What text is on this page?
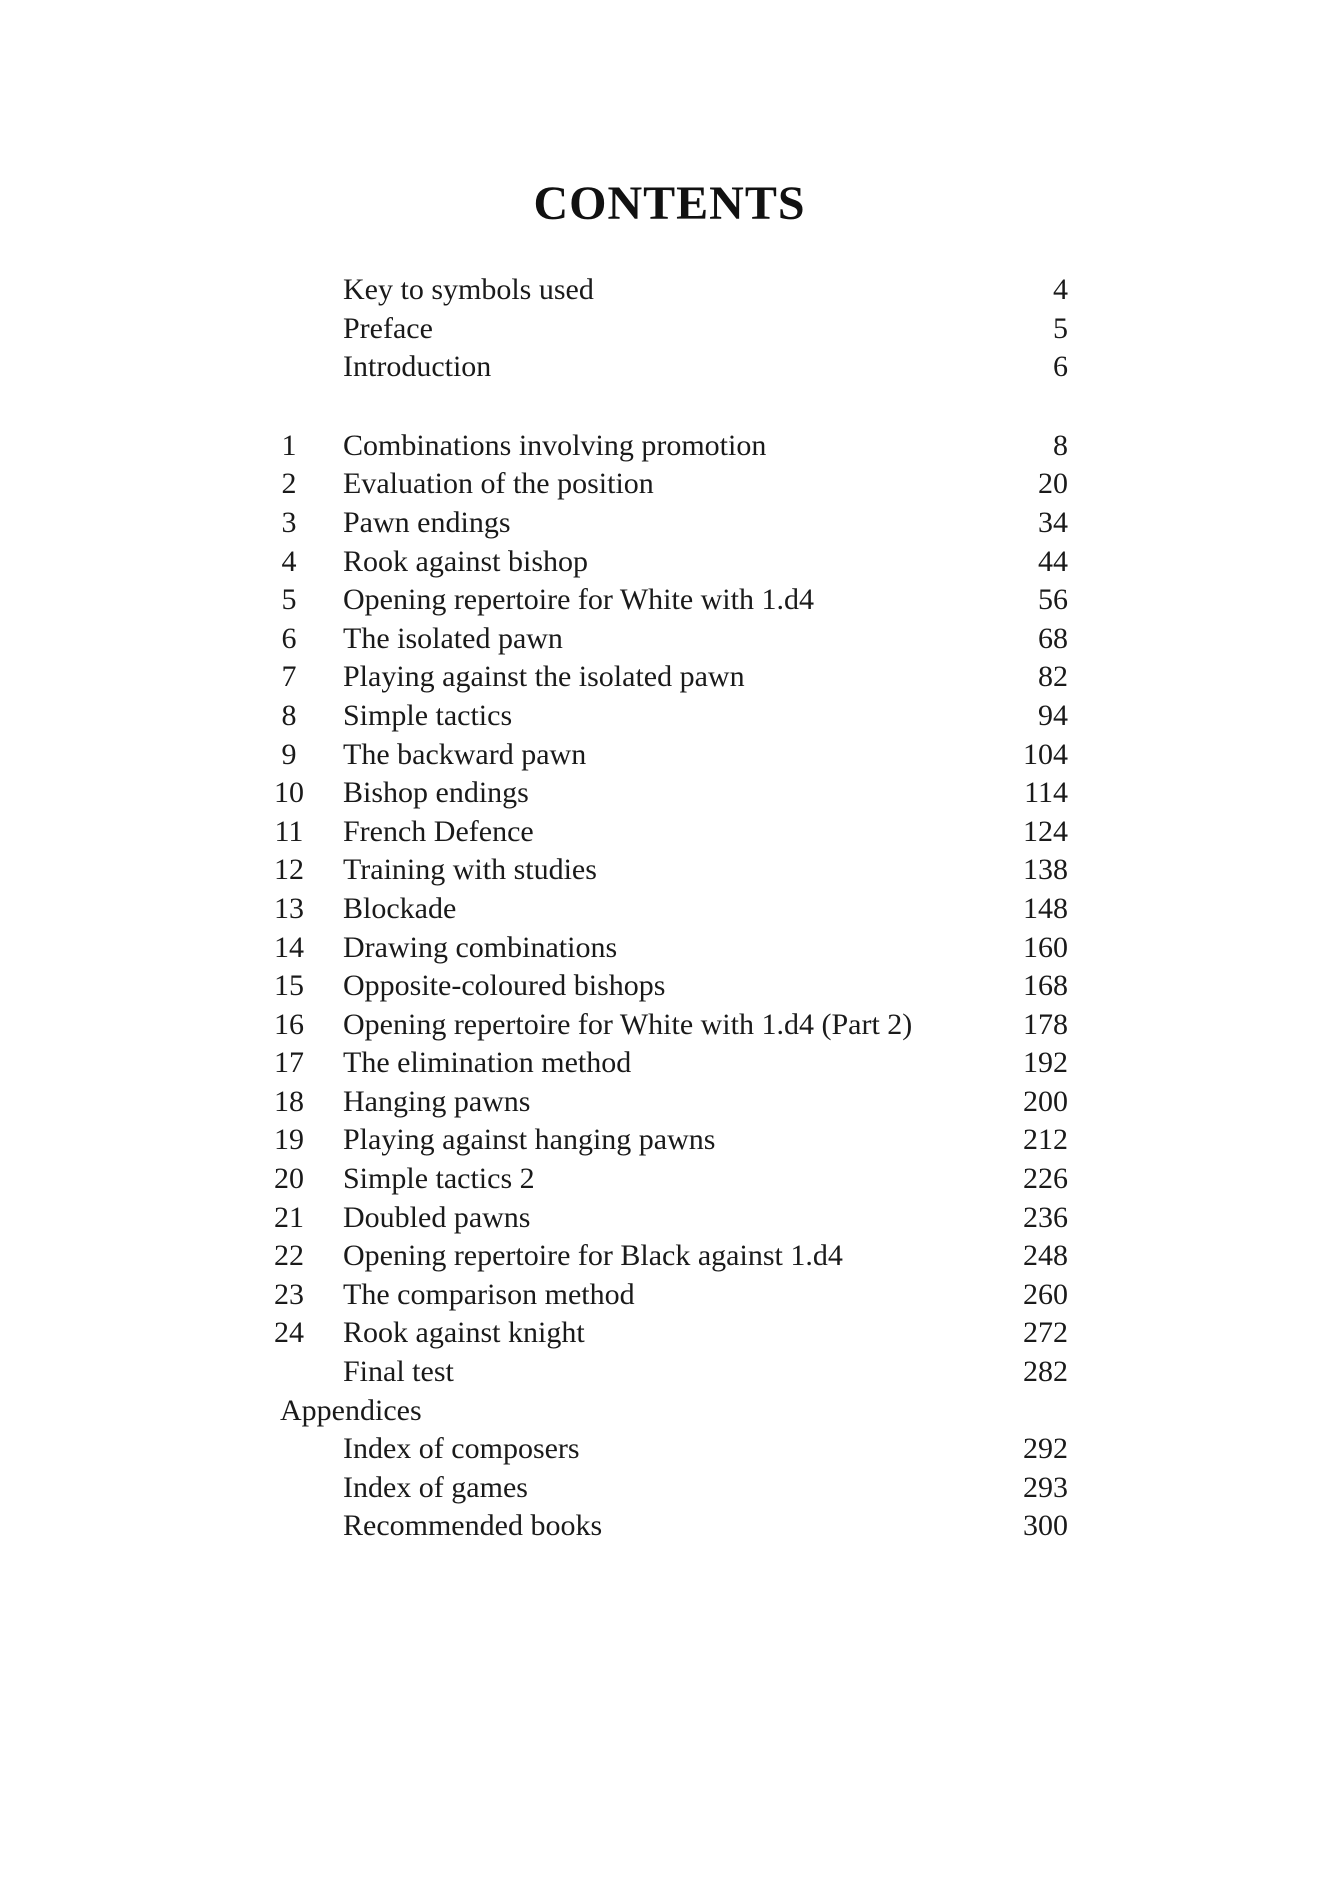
CONTENTS
Key to symbols used	4
Preface	5
Introduction	6
1	Combinations involving promotion	8
2	Evaluation of the position	20
3	Pawn endings	34
4	Rook against bishop	44
5	Opening repertoire for White with 1.d4	56
6	The isolated pawn	68
7	Playing against the isolated pawn	82
8	Simple tactics	94
9	The backward pawn	104
10	Bishop endings	114
11	French Defence	124
12	Training with studies	138
13	Blockade	148
14	Drawing combinations	160
15	Opposite-coloured bishops	168
16	Opening repertoire for White with 1.d4 (Part 2)	178
17	The elimination method	192
18	Hanging pawns	200
19	Playing against hanging pawns	212
20	Simple tactics 2	226
21	Doubled pawns	236
22	Opening repertoire for Black against 1.d4	248
23	The comparison method	260
24	Rook against knight	272
Final test	282
Appendices
Index of composers	292
Index of games	293
Recommended books	300
